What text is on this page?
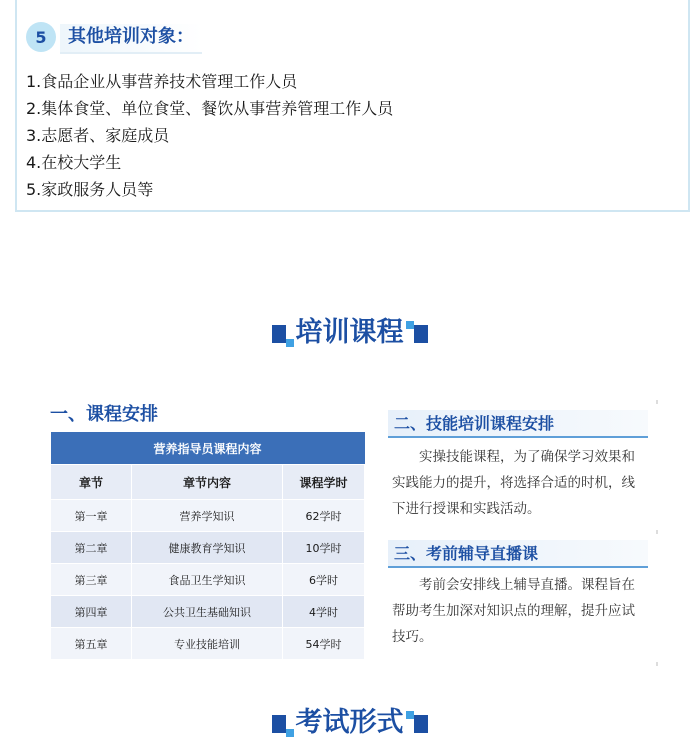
5	其他培训对象：
1.食品企业从事营养技术管理工作人员
2.集体食堂、单位食堂、餐饮从事营养管理工作人员
3.志愿者、家庭成员
4.在校大学生
5.家政服务人员等
培训课程
一、课程安排
营养指导员课程内容		
章节	章节内容	课程学时
第一章	营养学知识	62学时
第二章	健康教育学知识	10学时
第三章	食品卫生学知识	6学时
第四章	公共卫生基础知识	4学时
第五章	专业技能培训	54学时
二、技能培训课程安排
实操技能课程，为了确保学习效果和实践能力的提升，将选择合适的时机，线下进行授课和实践活动。
三、考前辅导直播课
考前会安排线上辅导直播。课程旨在帮助考生加深对知识点的理解，提升应试技巧。
考试形式
